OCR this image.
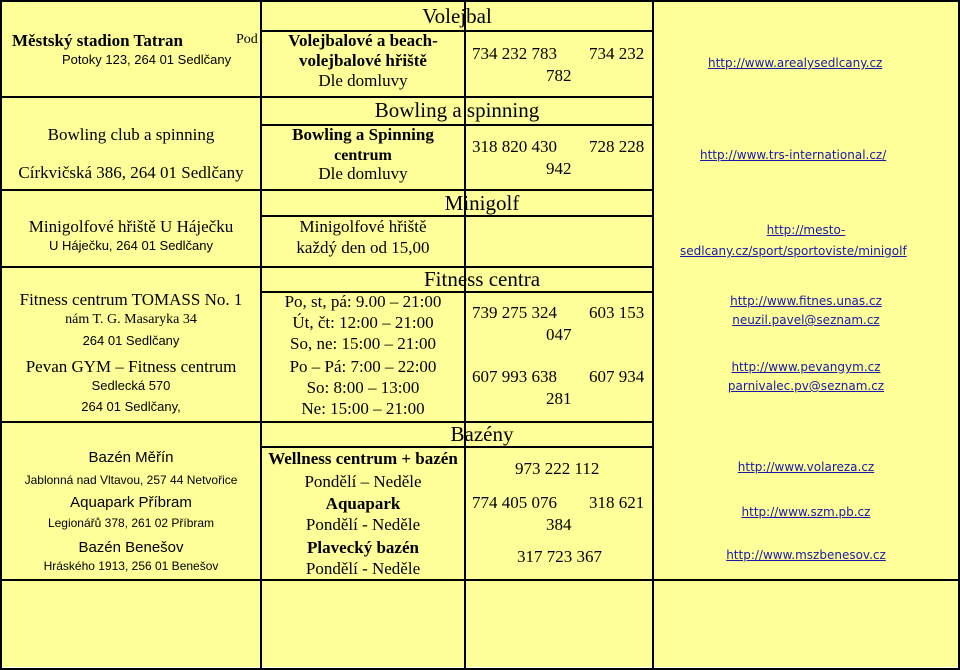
Volejbal
Bowling a spinning
Minigolf
Fitness centra
Bazény
Městský stadion Tatran	Pod
Potoky 123, 264 01 Sedlčany
Bowling club a spinning
Církvičská 386, 264 01 Sedlčany
Minigolfové hřiště U Háječku
U Háječku, 264 01 Sedlčany
Fitness centrum TOMASS No. 1
nám T. G. Masaryka 34
264 01 Sedlčany
Pevan GYM – Fitness centrum
Sedlecká 570
264 01 Sedlčany,
Bazén Měřín
Jablonná nad Vltavou, 257 44 Netvořice
Aquapark Příbram
Legionářů 378, 261 02 Příbram
Bazén Benešov
Hráského 1913, 256 01 Benešov
Volejbalové a beach-
volejbalové hřiště
Dle domluvy
Bowling a Spinning
centrum
Dle domluvy
Minigolfové hřiště
každý den od 15,00
Po, st, pá: 9.00 – 21:00
Út, čt: 12:00 – 21:00
So, ne: 15:00 – 21:00
Po – Pá: 7:00 – 22:00
So: 8:00 – 13:00
Ne: 15:00 – 21:00
Wellness centrum + bazén
Pondělí – Neděle
Aquapark
Pondělí - Neděle
Plavecký bazén
Pondělí - Neděle
734 232 783 734 232
782
318 820 430 728 228
942
739 275 324 603 153
047
607 993 638 607 934
281
973 222 112
774 405 076 318 621
384
317 723 367
http://www.arealysedlcany.cz
http://www.trs-international.cz/
http://mesto-
sedlcany.cz/sport/sportoviste/minigolf
http://www.fitnes.unas.cz
neuzil.pavel@seznam.cz
http://www.pevangym.cz
parnivalec.pv@seznam.cz
http://www.volareza.cz
http://www.szm.pb.cz
http://www.mszbenesov.cz
